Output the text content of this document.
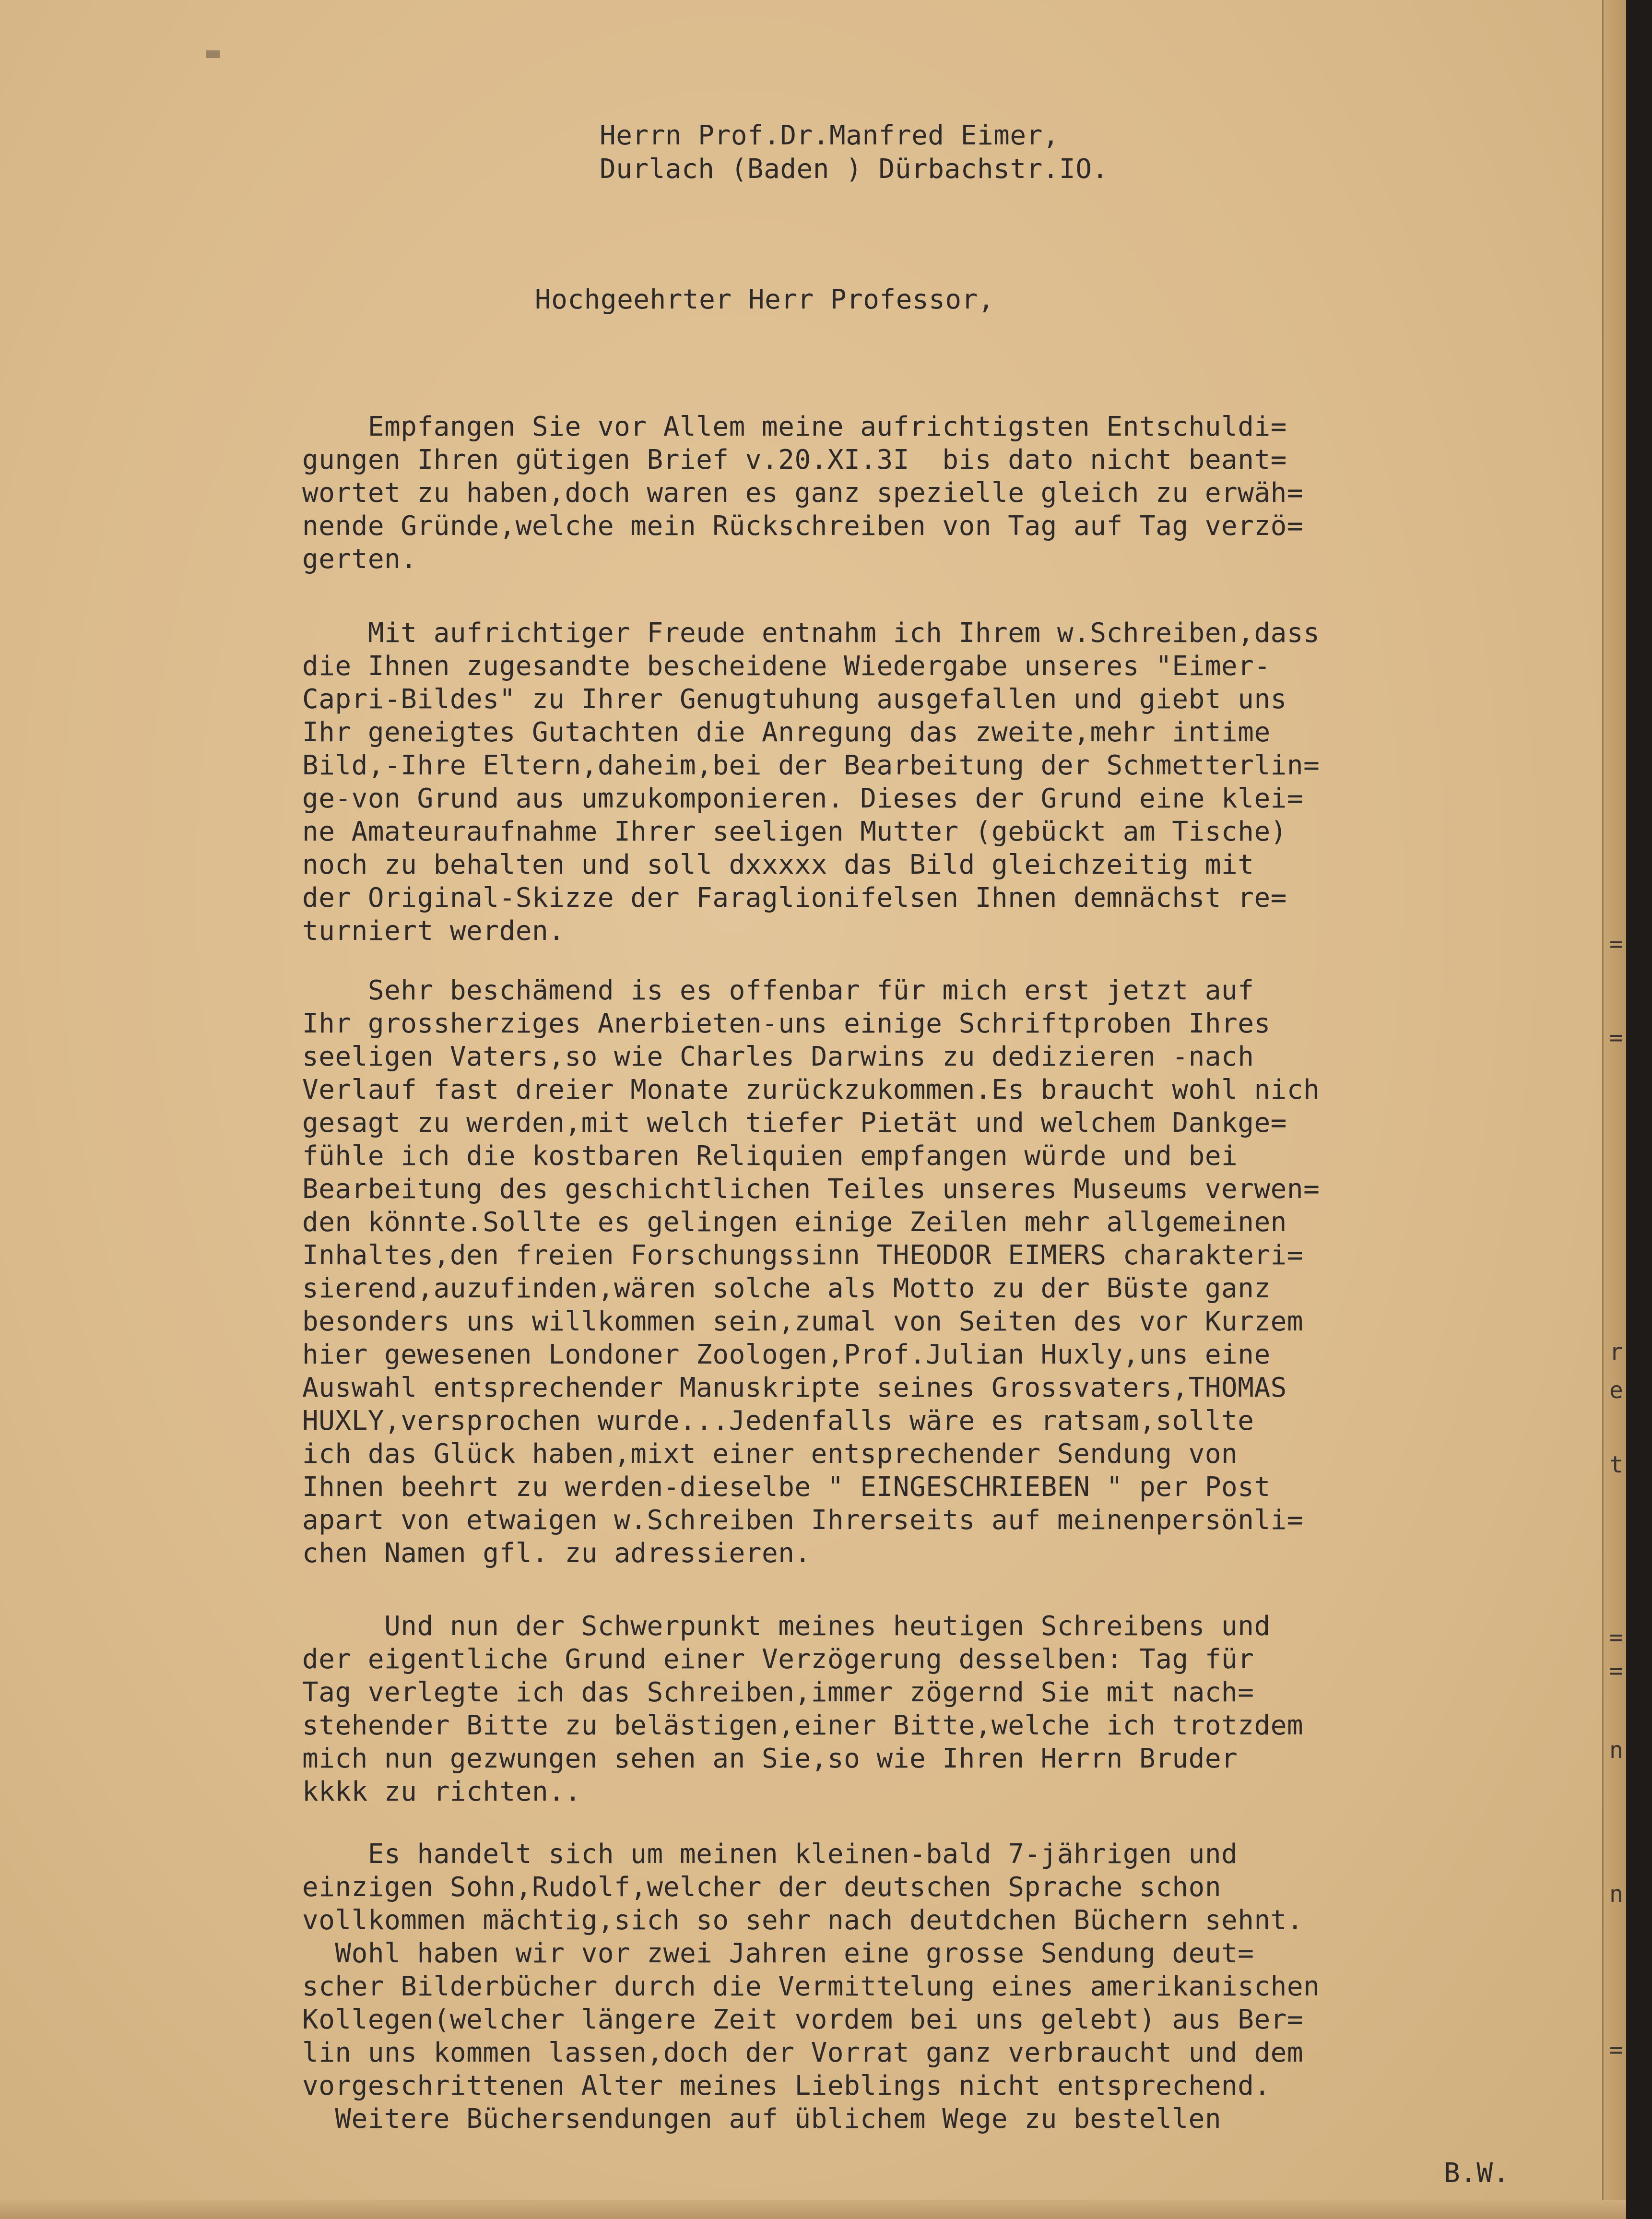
Herrn Prof.Dr.Manfred Eimer,
Durlach (Baden ) Dürbachstr.IO.
Hochgeehrter Herr Professor,
Empfangen Sie vor Allem meine aufrichtigsten Entschuldi=
gungen Ihren gütigen Brief v.20.XI.3I  bis dato nicht beant=
wortet zu haben,doch waren es ganz spezielle gleich zu erwäh=
nende Gründe,welche mein Rückschreiben von Tag auf Tag verzö=
gerten.
Mit aufrichtiger Freude entnahm ich Ihrem w.Schreiben,dass
die Ihnen zugesandte bescheidene Wiedergabe unseres "Eimer-
Capri-Bildes" zu Ihrer Genugtuhung ausgefallen und giebt uns
Ihr geneigtes Gutachten die Anregung das zweite,mehr intime
Bild,-Ihre Eltern,daheim,bei der Bearbeitung der Schmetterlin=
ge-von Grund aus umzukomponieren. Dieses der Grund eine klei=
ne Amateuraufnahme Ihrer seeligen Mutter (gebückt am Tische)
noch zu behalten und soll dxxxxx das Bild gleichzeitig mit
der Original-Skizze der Faraglionifelsen Ihnen demnächst re=
turniert werden.
Sehr beschämend is es offenbar für mich erst jetzt auf
Ihr grossherziges Anerbieten-uns einige Schriftproben Ihres
seeligen Vaters,so wie Charles Darwins zu dedizieren -nach
Verlauf fast dreier Monate zurückzukommen.Es braucht wohl nich
gesagt zu werden,mit welch tiefer Pietät und welchem Dankge=
fühle ich die kostbaren Reliquien empfangen würde und bei
Bearbeitung des geschichtlichen Teiles unseres Museums verwen=
den könnte.Sollte es gelingen einige Zeilen mehr allgemeinen
Inhaltes,den freien Forschungssinn THEODOR EIMERS charakteri=
sierend,auzufinden,wären solche als Motto zu der Büste ganz
besonders uns willkommen sein,zumal von Seiten des vor Kurzem
hier gewesenen Londoner Zoologen,Prof.Julian Huxly,uns eine
Auswahl entsprechender Manuskripte seines Grossvaters,THOMAS
HUXLY,versprochen wurde...Jedenfalls wäre es ratsam,sollte
ich das Glück haben,mixt einer entsprechender Sendung von
Ihnen beehrt zu werden-dieselbe " EINGESCHRIEBEN " per Post
apart von etwaigen w.Schreiben Ihrerseits auf meinenpersönli=
chen Namen gfl. zu adressieren.
Und nun der Schwerpunkt meines heutigen Schreibens und
der eigentliche Grund einer Verzögerung desselben: Tag für
Tag verlegte ich das Schreiben,immer zögernd Sie mit nach=
stehender Bitte zu belästigen,einer Bitte,welche ich trotzdem
mich nun gezwungen sehen an Sie,so wie Ihren Herrn Bruder
kkkk zu richten..
Es handelt sich um meinen kleinen-bald 7-jährigen und
einzigen Sohn,Rudolf,welcher der deutschen Sprache schon
vollkommen mächtig,sich so sehr nach deutdchen Büchern sehnt.
Wohl haben wir vor zwei Jahren eine grosse Sendung deut=
scher Bilderbücher durch die Vermittelung eines amerikanischen
Kollegen(welcher längere Zeit vordem bei uns gelebt) aus Ber=
lin uns kommen lassen,doch der Vorrat ganz verbraucht und dem
vorgeschrittenen Alter meines Lieblings nicht entsprechend.
Weitere Büchersendungen auf üblichem Wege zu bestellen
B.W.
=
=
r
e
t
=
=
n
n
=
